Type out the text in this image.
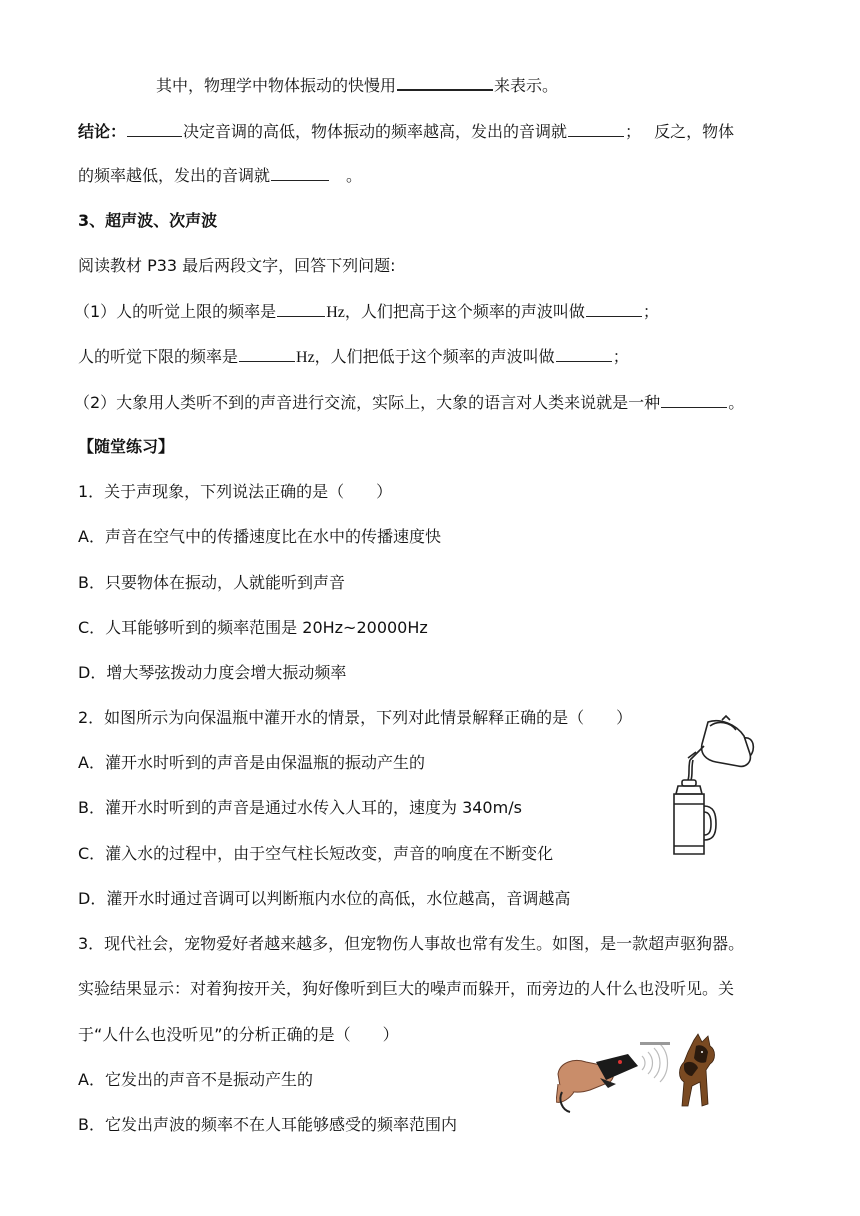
其中，物理学中物体振动的快慢用	来表示。
结论：	决定音调的高低，物体振动的频率越高，发出的音调就	；　 反之，物体
的频率越低，发出的音调就	　。
3、超声波、次声波
阅读教材 P33 最后两段文字，回答下列问题:
（1）人的听觉上限的频率是	Hz，人们把高于这个频率的声波叫做	；
人的听觉下限的频率是	Hz，人们把低于这个频率的声波叫做	；
（2）大象用人类听不到的声音进行交流，实际上，大象的语言对人类来说就是一种	。
【随堂练习】
1．关于声现象，下列说法正确的是（　　）
A．声音在空气中的传播速度比在水中的传播速度快
B．只要物体在振动，人就能听到声音
C．人耳能够听到的频率范围是 20Hz~20000Hz
D．增大琴弦拨动力度会增大振动频率
2．如图所示为向保温瓶中灌开水的情景，下列对此情景解释正确的是（　　）
A．灌开水时听到的声音是由保温瓶的振动产生的
B．灌开水时听到的声音是通过水传入人耳的，速度为 340m/s
C．灌入水的过程中，由于空气柱长短改变，声音的响度在不断变化
D．灌开水时通过音调可以判断瓶内水位的高低，水位越高，音调越高
3．现代社会，宠物爱好者越来越多，但宠物伤人事故也常有发生。如图，是一款超声驱狗器。
实验结果显示：对着狗按开关，狗好像听到巨大的噪声而躲开，而旁边的人什么也没听见。关
于“人什么也没听见”的分析正确的是（　　）
A．它发出的声音不是振动产生的
B．它发出声波的频率不在人耳能够感受的频率范围内
